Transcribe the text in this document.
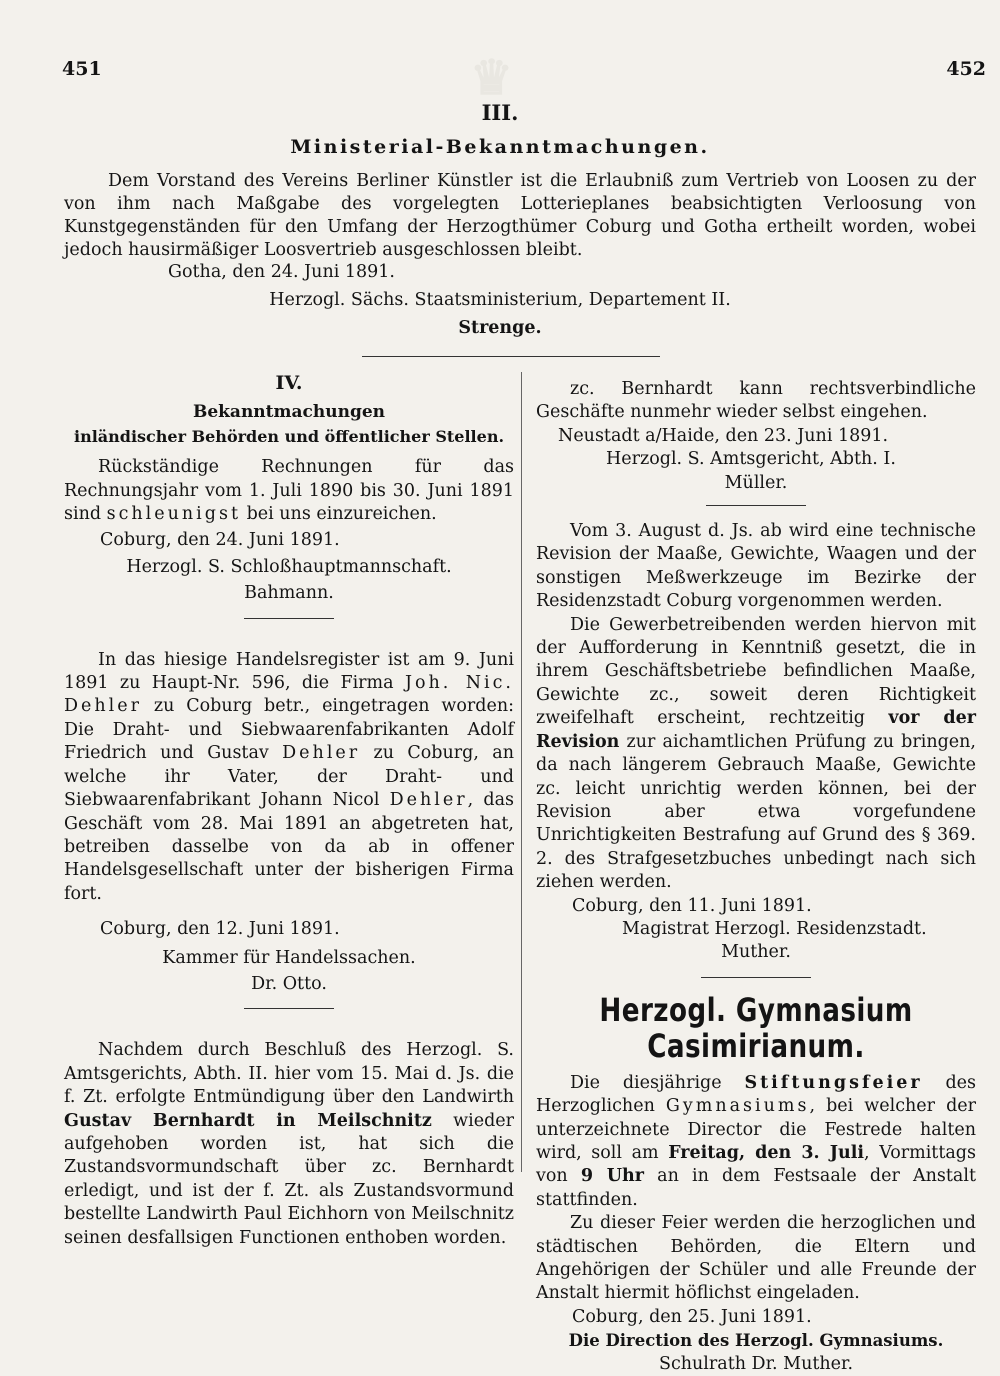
♛
451	452
III.
Ministerial-Bekanntmachungen.

Dem Vorstand des Vereins Berliner Künstler ist die Erlaubniß zum Vertrieb von Loosen zu der von ihm nach Maßgabe des vorgelegten Lotterieplanes beabsichtigten Verloosung von Kunstgegenständen für den Umfang der Herzogthümer Coburg und Gotha ertheilt worden, wobei jedoch hausirmäßiger Loosvertrieb ausgeschlossen bleibt.

Gotha, den 24. Juni 1891.
Herzogl. Sächs. Staatsministerium, Departement II.
Strenge.
IV.
Bekanntmachungen
inländischer Behörden und öffentlicher Stellen.

Rückständige Rechnungen für das Rechnungsjahr vom 1. Juli 1890 bis 30. Juni 1891 sind schleunigst bei uns einzureichen.

Coburg, den 24. Juni 1891.
Herzogl. S. Schloßhauptmannschaft.
Bahmann.

In das hiesige Handelsregister ist am 9. Juni 1891 zu Haupt-Nr. 596, die Firma Joh. Nic. Dehler zu Coburg betr., eingetragen worden: Die Draht- und Siebwaarenfabrikanten Adolf Friedrich und Gustav Dehler zu Coburg, an welche ihr Vater, der Draht- und Siebwaarenfabrikant Johann Nicol Dehler, das Geschäft vom 28. Mai 1891 an abgetreten hat, betreiben dasselbe von da ab in offener Handelsgesellschaft unter der bisherigen Firma fort.

Coburg, den 12. Juni 1891.
Kammer für Handelssachen.
Dr. Otto.

Nachdem durch Beschluß des Herzogl. S. Amtsgerichts, Abth. II. hier vom 15. Mai d. Js. die f. Zt. erfolgte Entmündigung über den Landwirth Gustav Bernhardt in Meilschnitz wieder aufgehoben worden ist, hat sich die Zustandsvormundschaft über zc. Bernhardt erledigt, und ist der f. Zt. als Zustandsvormund bestellte Landwirth Paul Eichhorn von Meilschnitz seinen desfallsigen Functionen enthoben worden.

zc. Bernhardt kann rechtsverbindliche Geschäfte nunmehr wieder selbst eingehen.

Neustadt a/Haide, den 23. Juni 1891.
Herzogl. S. Amtsgericht, Abth. I.
Müller.

Vom 3. August d. Js. ab wird eine technische Revision der Maaße, Gewichte, Waagen und der sonstigen Meßwerkzeuge im Bezirke der Residenzstadt Coburg vorgenommen werden.

Die Gewerbetreibenden werden hiervon mit der Aufforderung in Kenntniß gesetzt, die in ihrem Geschäftsbetriebe befindlichen Maaße, Gewichte zc., soweit deren Richtigkeit zweifelhaft erscheint, rechtzeitig vor der Revision zur aichamtlichen Prüfung zu bringen, da nach längerem Gebrauch Maaße, Gewichte zc. leicht unrichtig werden können, bei der Revision aber etwa vorgefundene Unrichtigkeiten Bestrafung auf Grund des § 369. 2. des Strafgesetzbuches unbedingt nach sich ziehen werden.

Coburg, den 11. Juni 1891.
Magistrat Herzogl. Residenzstadt.
Muther.
Herzogl. Gymnasium Casimirianum.

Die diesjährige Stiftungsfeier des Herzoglichen Gymnasiums, bei welcher der unterzeichnete Director die Festrede halten wird, soll am Freitag, den 3. Juli, Vormittags von 9 Uhr an in dem Festsaale der Anstalt stattfinden.

Zu dieser Feier werden die herzoglichen und städtischen Behörden, die Eltern und Angehörigen der Schüler und alle Freunde der Anstalt hiermit höflichst eingeladen.

Coburg, den 25. Juni 1891.
Die Direction des Herzogl. Gymnasiums.
Schulrath Dr. Muther.
